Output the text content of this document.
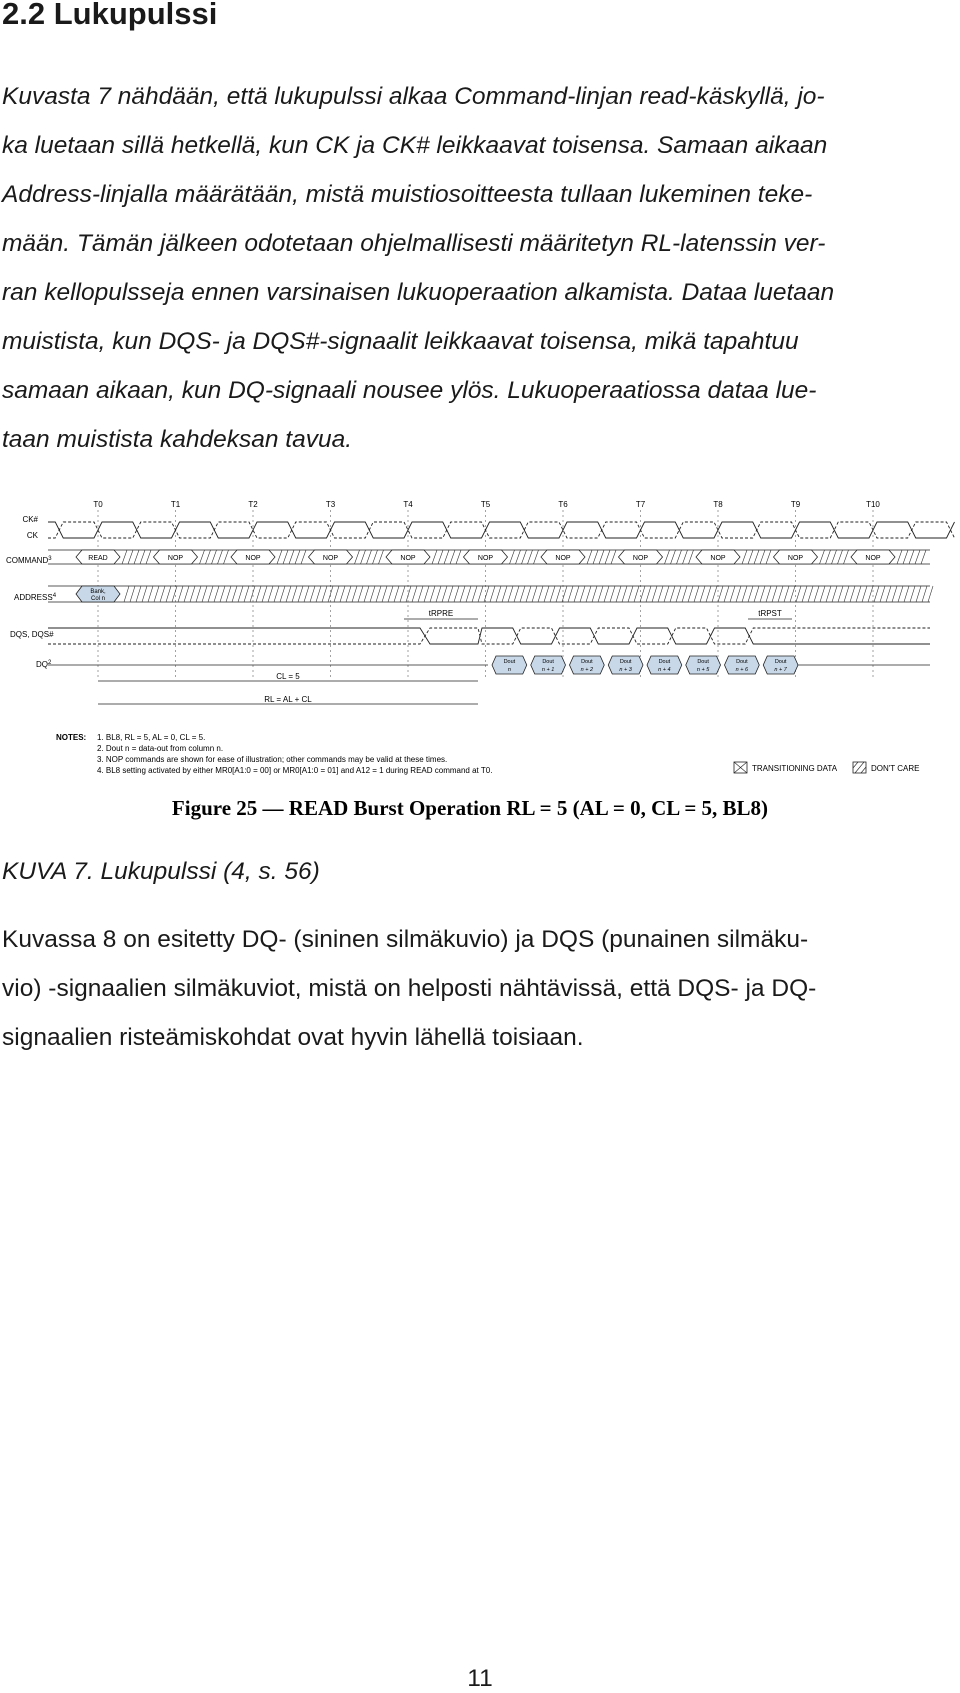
2.2 Lukupulssi

Kuvasta 7 nähdään, että lukupulssi alkaa Command-linjan read-käskyllä, jo-
ka luetaan sillä hetkellä, kun CK ja CK# leikkaavat toisensa. Samaan aikaan
Address-linjalla määrätään, mistä muistiosoitteesta tullaan lukeminen teke-
mään. Tämän jälkeen odotetaan ohjelmallisesti määritetyn RL-latenssin ver-
ran kellopulsseja ennen varsinaisen lukuoperaation alkamista. Dataa luetaan
muistista, kun DQS- ja DQS#-signaalit leikkaavat toisensa, mikä tapahtuu
samaan aikaan, kun DQ-signaali nousee ylös. Lukuoperaatiossa dataa lue-
taan muistista kahdeksan tavua.

CK#
CK
COMMAND$^3$
ADDRESS$^4$
DQS, DQS#
$DQ^2$
T0	T1	T2	T3	T4	T5	T6	T7	T8	T9	T10
READ	NOP	NOP	NOP	NOP	NOP	NOP	NOP	NOP	NOP	NOP
Bank,
Col n
Dout
n
Dout
n + 1
Dout
n + 2
Dout
n + 3
Dout
n + 4
Dout
n + 5
Dout
n + 6
Dout
n + 7
CL = 5
RL = AL + CL
tRPRE	tRPST
NOTES: 1. BL8, RL = 5, AL = 0, CL = 5.
2. Dout n = data-out from column n.
3. NOP commands are shown for ease of illustration; other commands may be valid at these times.
4. BL8 setting activated by either MR0[A1:0 = 00] or MR0[A1:0 = 01] and A12 = 1 during READ command at T0.	TRANSITIONING DATA	DON'T CARE
Figure 25 — READ Burst Operation RL = 5 (AL = 0, CL = 5, BL8)

KUVA 7. Lukupulssi (4, s. 56)

Kuvassa 8 on esitetty DQ- (sininen silmäkuvio) ja DQS (punainen silmäku-
vio) -signaalien silmäkuviot, mistä on helposti nähtävissä, että DQS- ja DQ-
signaalien risteämiskohdat ovat hyvin lähellä toisiaan.

11
